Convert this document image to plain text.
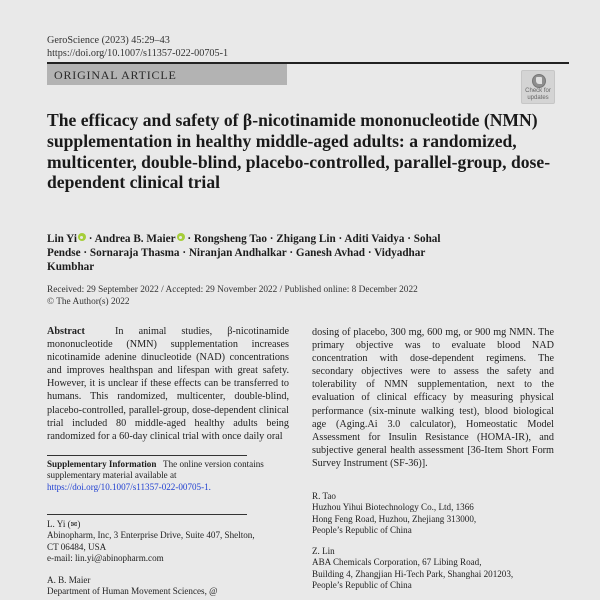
GeroScience (2023) 45:29–43
https://doi.org/10.1007/s11357-022-00705-1
ORIGINAL ARTICLE
Check for
updates
The efficacy and safety of β-nicotinamide mononucleotide (NMN) supplementation in healthy middle-aged adults: a randomized, multicenter, double-blind, placebo-controlled, parallel-group, dose-dependent clinical trial
Lin Yi · Andrea B. Maier · Rongsheng Tao · Zhigang Lin · Aditi Vaidya · Sohal Pendse · Sornaraja Thasma · Niranjan Andhalkar · Ganesh Avhad · Vidyadhar Kumbhar
Received: 29 September 2022 / Accepted: 29 November 2022 / Published online: 8 December 2022
© The Author(s) 2022
Abstract	In animal studies, β-nicotinamide mononucleotide (NMN) supplementation increases nicotinamide adenine dinucleotide (NAD) concentrations and improves healthspan and lifespan with great safety. However, it is unclear if these effects can be transferred to humans. This randomized, multicenter, double-blind, placebo-controlled, parallel-group, dose-dependent clinical trial included 80 middle-aged healthy adults being randomized for a 60-day clinical trial with once daily oral
dosing of placebo, 300 mg, 600 mg, or 900 mg NMN. The primary objective was to evaluate blood NAD concentration with dose-dependent regimens. The secondary objectives were to assess the safety and tolerability of NMN supplementation, next to the evaluation of clinical efficacy by measuring physical performance (six-minute walking test), blood biological age (Aging.Ai 3.0 calculator), Homeostatic Model Assessment for Insulin Resistance (HOMA-IR), and subjective general health assessment [36-Item Short Form Survey Instrument (SF-36)].
Supplementary Information The online version contains supplementary material available at https://doi.org/10.1007/s11357-022-00705-1.
L. Yi (✉)
Abinopharm, Inc, 3 Enterprise Drive, Suite 407, Shelton,
CT 06484, USA
e-mail: lin.yi@abinopharm.com
A. B. Maier
Department of Human Movement Sciences, @
R. Tao
Huzhou Yihui Biotechnology Co., Ltd, 1366
Hong Feng Road, Huzhou, Zhejiang 313000,
People’s Republic of China
Z. Lin
ABA Chemicals Corporation, 67 Libing Road,
Building 4, Zhangjian Hi-Tech Park, Shanghai 201203,
People’s Republic of China
